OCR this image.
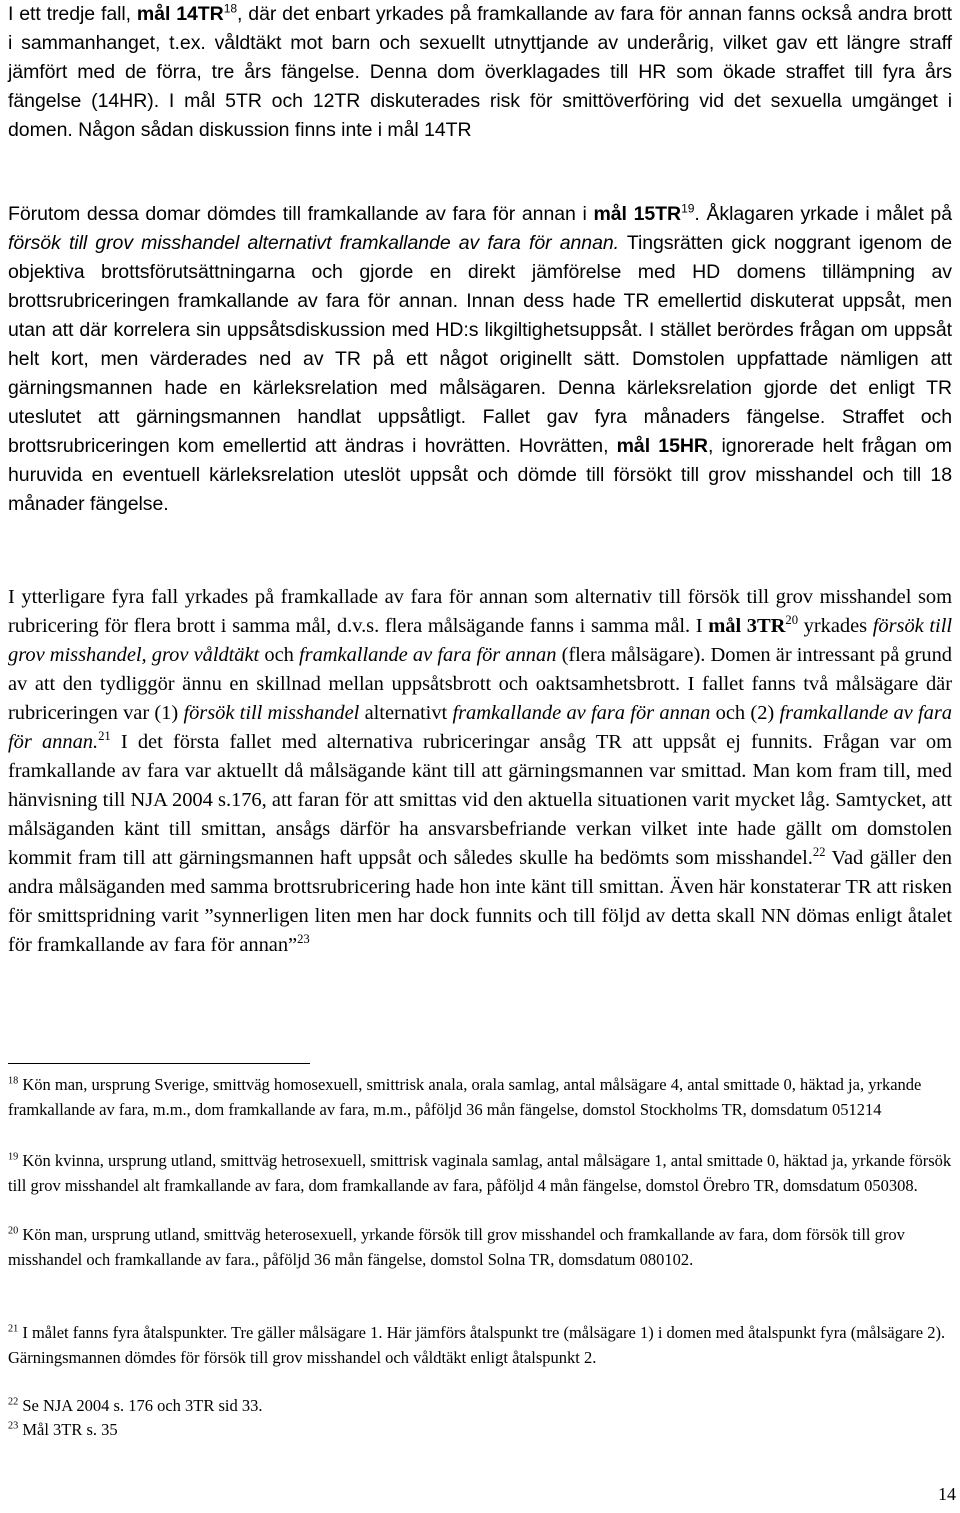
I ett tredje fall, mål 14TR$^{18}$, där det enbart yrkades på framkallande av fara för annan fanns också andra brott i sammanhanget, t.ex. våldtäkt mot barn och sexuellt utnyttjande av underårig, vilket gav ett längre straff jämfört med de förra, tre års fängelse. Denna dom överklagades till HR som ökade straffet till fyra års fängelse (14HR). I mål 5TR och 12TR diskuterades risk för smittöverföring vid det sexuella umgänget i domen. Någon sådan diskussion finns inte i mål 14TR

Förutom dessa domar dömdes till framkallande av fara för annan i mål 15TR$^{19}$. Åklagaren yrkade i målet på försök till grov misshandel alternativt framkallande av fara för annan. Tingsrätten gick noggrant igenom de objektiva brottsförutsättningarna och gjorde en direkt jämförelse med HD domens tillämpning av brottsrubriceringen framkallande av fara för annan. Innan dess hade TR emellertid diskuterat uppsåt, men utan att där korrelera sin uppsåtsdiskussion med HD:s likgiltighetsuppsåt. I stället berördes frågan om uppsåt helt kort, men värderades ned av TR på ett något originellt sätt. Domstolen uppfattade nämligen att gärningsmannen hade en kärleksrelation med målsägaren. Denna kärleksrelation gjorde det enligt TR uteslutet att gärningsmannen handlat uppsåtligt. Fallet gav fyra månaders fängelse. Straffet och brottsrubriceringen kom emellertid att ändras i hovrätten. Hovrätten, mål 15HR, ignorerade helt frågan om huruvida en eventuell kärleksrelation uteslöt uppsåt och dömde till försökt till grov misshandel och till 18 månader fängelse.

I ytterligare fyra fall yrkades på framkallade av fara för annan som alternativ till försök till grov misshandel som rubricering för flera brott i samma mål, d.v.s. flera målsägande fanns i samma mål. I mål 3TR$^{20}$ yrkades försök till grov misshandel, grov våldtäkt och framkallande av fara för annan (flera målsägare). Domen är intressant på grund av att den tydliggör ännu en skillnad mellan uppsåtsbrott och oaktsamhetsbrott. I fallet fanns två målsägare där rubriceringen var (1) försök till misshandel alternativt framkallande av fara för annan och (2) framkallande av fara för annan.$^{21}$ I det första fallet med alternativa rubriceringar ansåg TR att uppsåt ej funnits. Frågan var om framkallande av fara var aktuellt då målsägande känt till att gärningsmannen var smittad. Man kom fram till, med hänvisning till NJA 2004 s.176, att faran för att smittas vid den aktuella situationen varit mycket låg. Samtycket, att målsäganden känt till smittan, ansågs därför ha ansvarsbefriande verkan vilket inte hade gällt om domstolen kommit fram till att gärningsmannen haft uppsåt och således skulle ha bedömts som misshandel.$^{22}$ Vad gäller den andra målsäganden med samma brottsrubricering hade hon inte känt till smittan. Även här konstaterar TR att risken för smittspridning varit ”synnerligen liten men har dock funnits och till följd av detta skall NN dömas enligt åtalet för framkallande av fara för annan”$^{23}$

$^{18}$ Kön man, ursprung Sverige, smittväg homosexuell, smittrisk anala, orala samlag, antal målsägare 4, antal smittade 0, häktad ja, yrkande framkallande av fara, m.m., dom framkallande av fara, m.m., påföljd 36 mån fängelse, domstol Stockholms TR, domsdatum 051214

$^{19}$ Kön kvinna, ursprung utland, smittväg hetrosexuell, smittrisk vaginala samlag, antal målsägare 1, antal smittade 0, häktad ja, yrkande försök till grov misshandel alt framkallande av fara, dom framkallande av fara, påföljd 4 mån fängelse, domstol Örebro TR, domsdatum 050308.

$^{20}$ Kön man, ursprung utland, smittväg heterosexuell, yrkande försök till grov misshandel och framkallande av fara, dom försök till grov misshandel och framkallande av fara., påföljd 36 mån fängelse, domstol Solna TR, domsdatum 080102.

$^{21}$ I målet fanns fyra åtalspunkter. Tre gäller målsägare 1. Här jämförs åtalspunkt tre (målsägare 1) i domen med åtalspunkt fyra (målsägare 2). Gärningsmannen dömdes för försök till grov misshandel och våldtäkt enligt åtalspunkt 2.

$^{22}$ Se NJA 2004 s. 176 och 3TR sid 33.

$^{23}$ Mål 3TR s. 35

14
